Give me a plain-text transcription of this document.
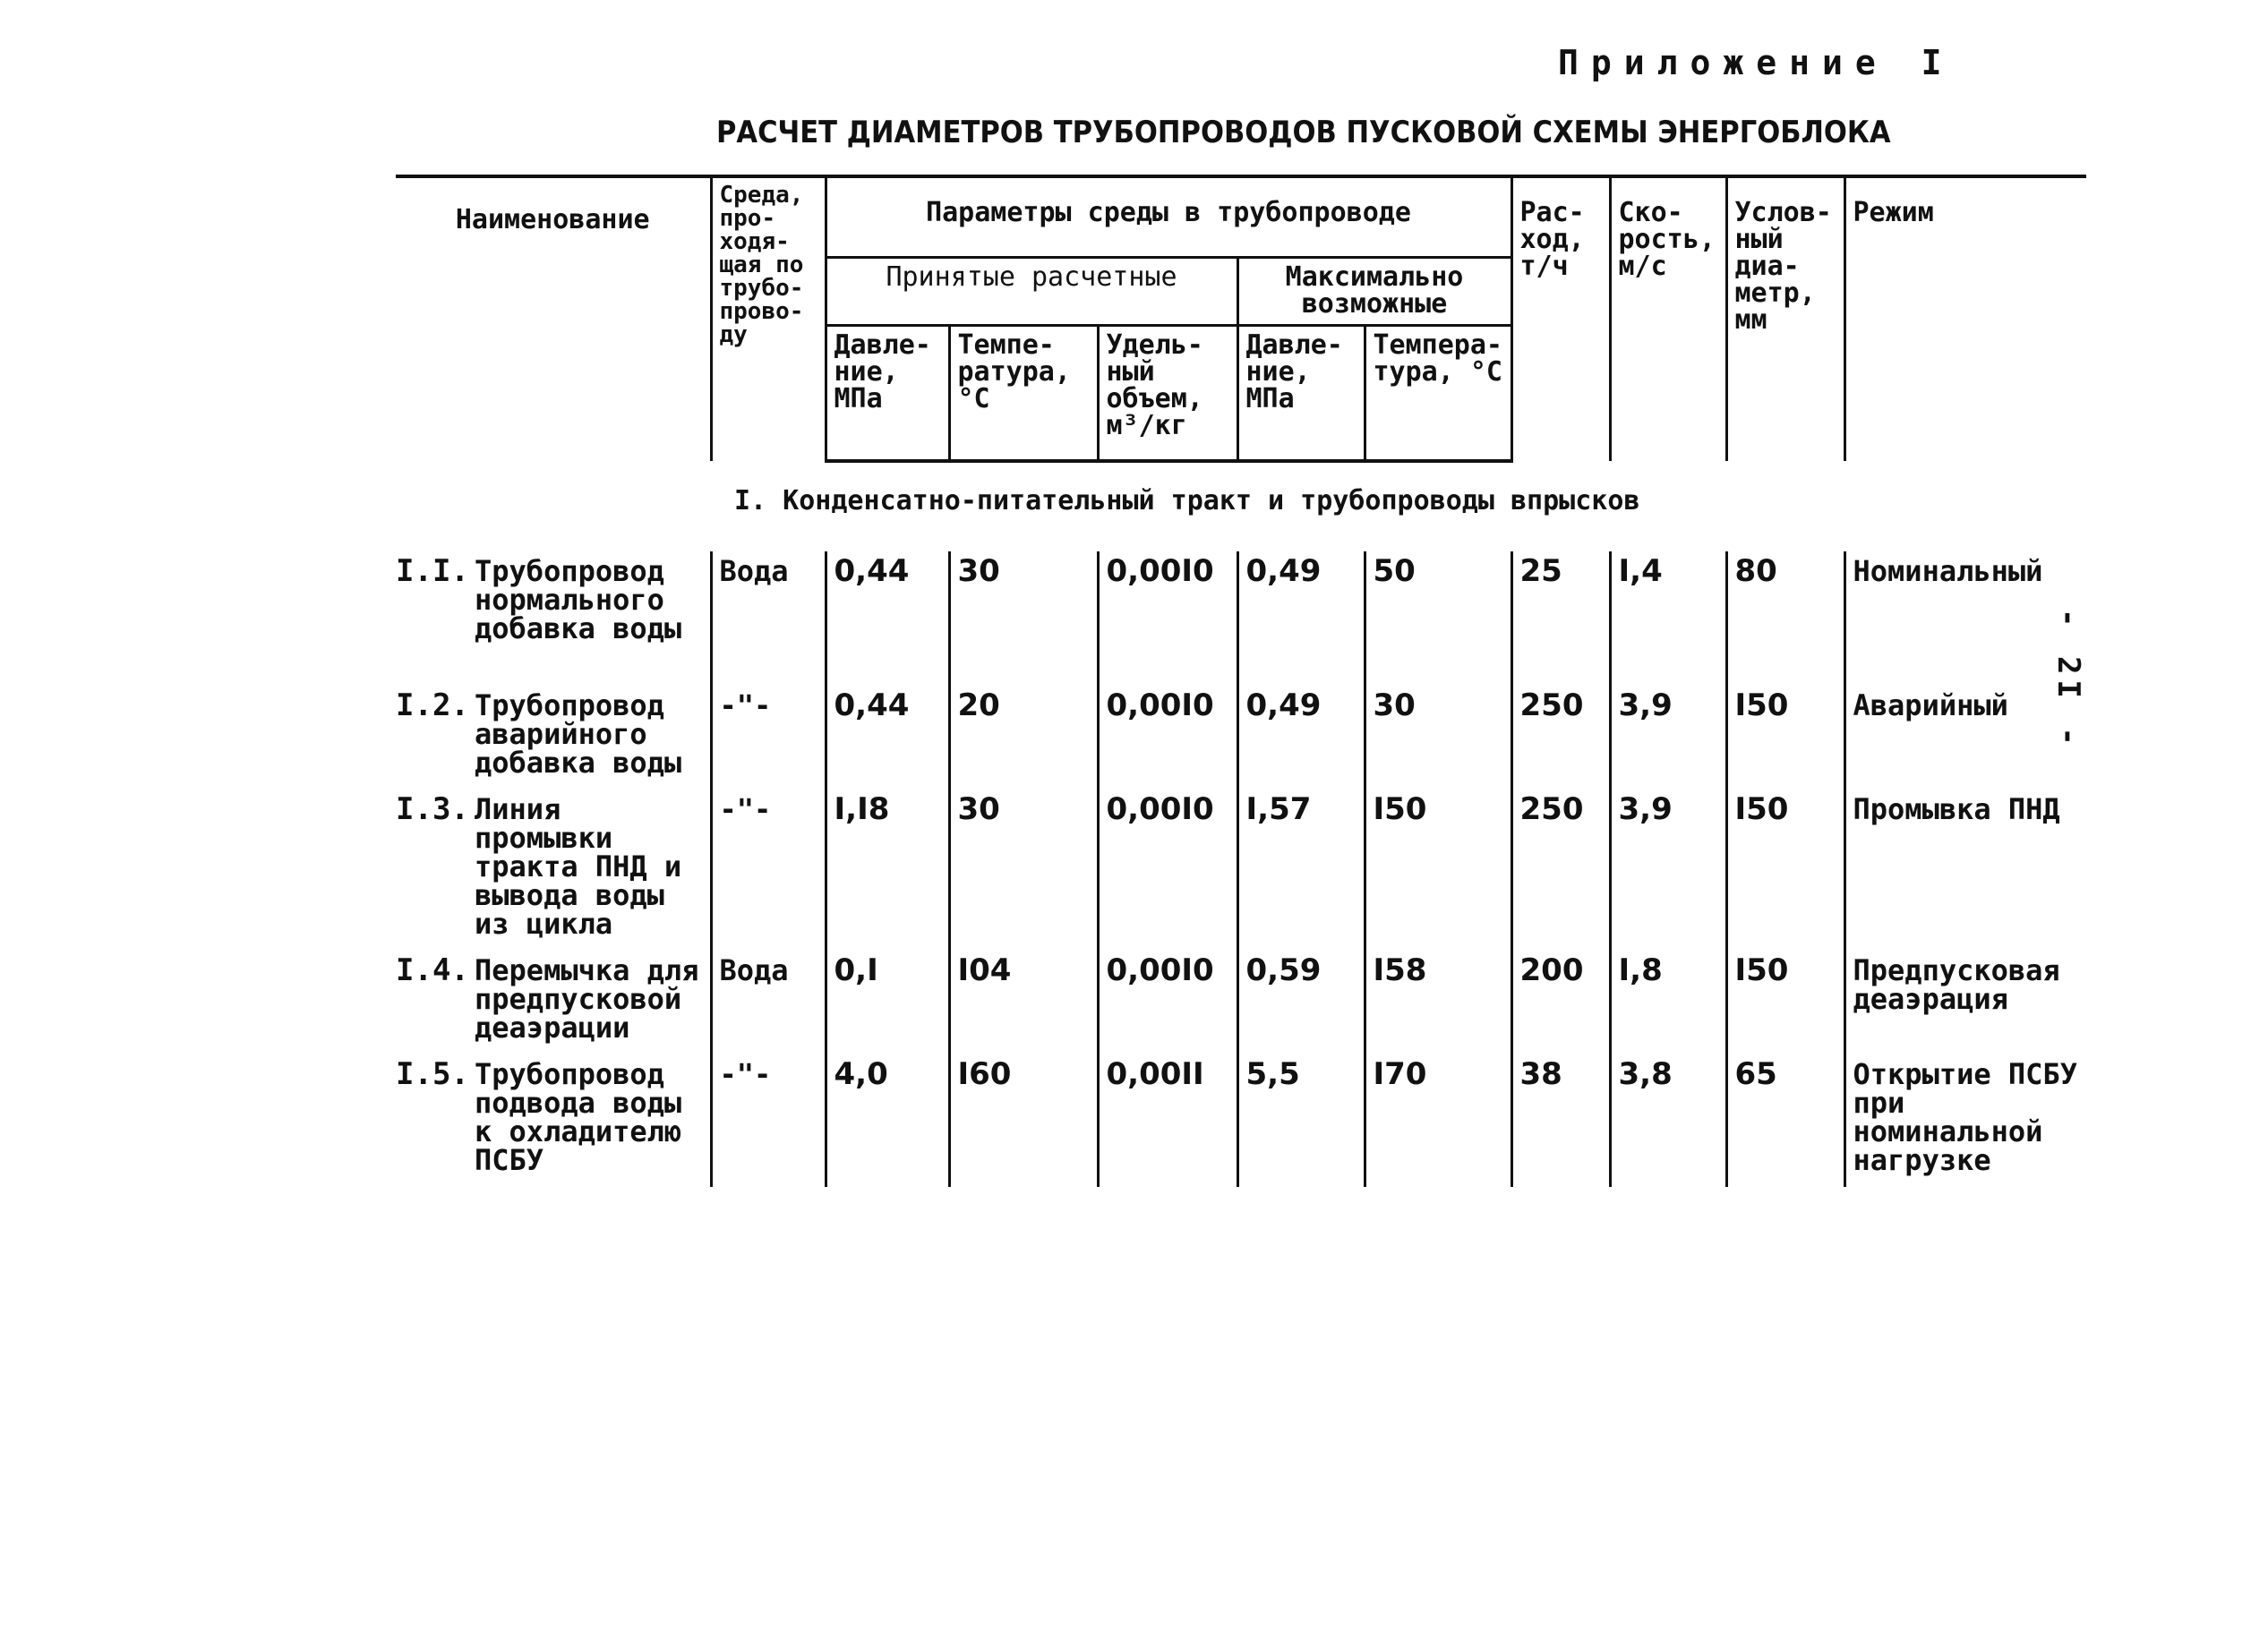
Приложение I
РАСЧЕТ ДИАМЕТРОВ ТРУБОПРОВОДОВ ПУСКОВОЙ СХЕМЫ ЭНЕРГОБЛОКА
- 2I -
Наименование	Среда, про- ходя- щая по трубо- прово- ду	Параметры среды в трубопроводе					Рас- ход, т/ч	Ско- рость, м/с	Услов- ный диа- метр, мм	Режим
		Принятые расчетные			Максимально возможные					
		Давле- ние, МПа	Темпе- ратура, °С	Удель- ный объем, м³/кг	Давле- ние, МПа	Темпера- тура, °С				
I. Конденсатно-питательный тракт и трубопроводы впрысков
I.I.	Трубопровод нормального добавка воды	Вода	0,44	30	0,00I0	0,49	50	25	I,4	80	Номинальный
I.2.	Трубопровод аварийного добавка воды	-"-	0,44	20	0,00I0	0,49	30	250	3,9	I50	Аварийный
I.3.	Линия промывки тракта ПНД и вывода воды из цикла	-"-	I,I8	30	0,00I0	I,57	I50	250	3,9	I50	Промывка ПНД
I.4.	Перемычка для предпусковой деаэрации	Вода	0,I	I04	0,00I0	0,59	I58	200	I,8	I50	Предпусковая деаэрация
I.5.	Трубопровод подвода воды к охладителю ПСБУ	-"-	4,0	I60	0,00II	5,5	I70	38	3,8	65	Открытие ПСБУ при номинальной нагрузке
